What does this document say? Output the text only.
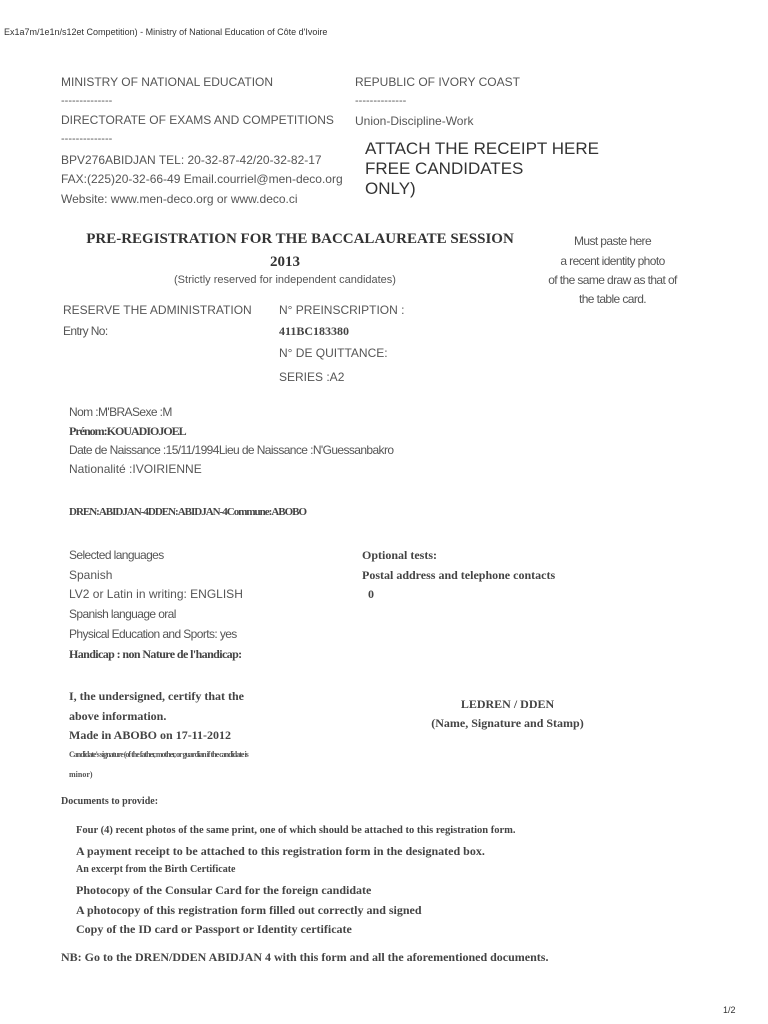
Ex1a7m/1e1n/s12et Competition) - Ministry of National Education of Côte d'Ivoire
MINISTRY OF NATIONAL EDUCATION
--------------
DIRECTORATE OF EXAMS AND COMPETITIONS
--------------
BPV276ABIDJAN TEL: 20-32-87-42/20-32-82-17
FAX:(225)20-32-66-49 Email.courriel@men-deco.org
Website: www.men-deco.org or www.deco.ci
REPUBLIC OF IVORY COAST
--------------
Union-Discipline-Work
ATTACH THE RECEIPT HERE
FREE CANDIDATES
ONLY)
Must paste here
a recent identity photo
of the same draw as that of
the table card.
PRE-REGISTRATION FOR THE BACCALAUREATE SESSION
2013
(Strictly reserved for independent candidates)
RESERVE THE ADMINISTRATION
Entry No:
N° PREINSCRIPTION :
411BC183380
N° DE QUITTANCE:
SERIES :A2
Nom :M'BRASexe :M
Prénom:KOUADIOJOEL
Date de Naissance :15/11/1994Lieu de Naissance :N'Guessanbakro
Nationalité :IVOIRIENNE
DREN:ABIDJAN-4DDEN:ABIDJAN-4Commune:ABOBO
Selected languages
Spanish
LV2 or Latin in writing: ENGLISH
Spanish language oral
Physical Education and Sports: yes
Handicap : non Nature de l'handicap:
Optional tests:
Postal address and telephone contacts
0
I, the undersigned, certify that the
above information.
Made in ABOBO on 17-11-2012
Candidate's signature (of the father, mother, or guardian if the candidate is
minor)
LEDREN / DDEN
(Name, Signature and Stamp)
Documents to provide:
Four (4) recent photos of the same print, one of which should be attached to this registration form.
A payment receipt to be attached to this registration form in the designated box.
An excerpt from the Birth Certificate
Photocopy of the Consular Card for the foreign candidate
A photocopy of this registration form filled out correctly and signed
Copy of the ID card or Passport or Identity certificate
NB: Go to the DREN/DDEN ABIDJAN 4 with this form and all the aforementioned documents.
1/2
